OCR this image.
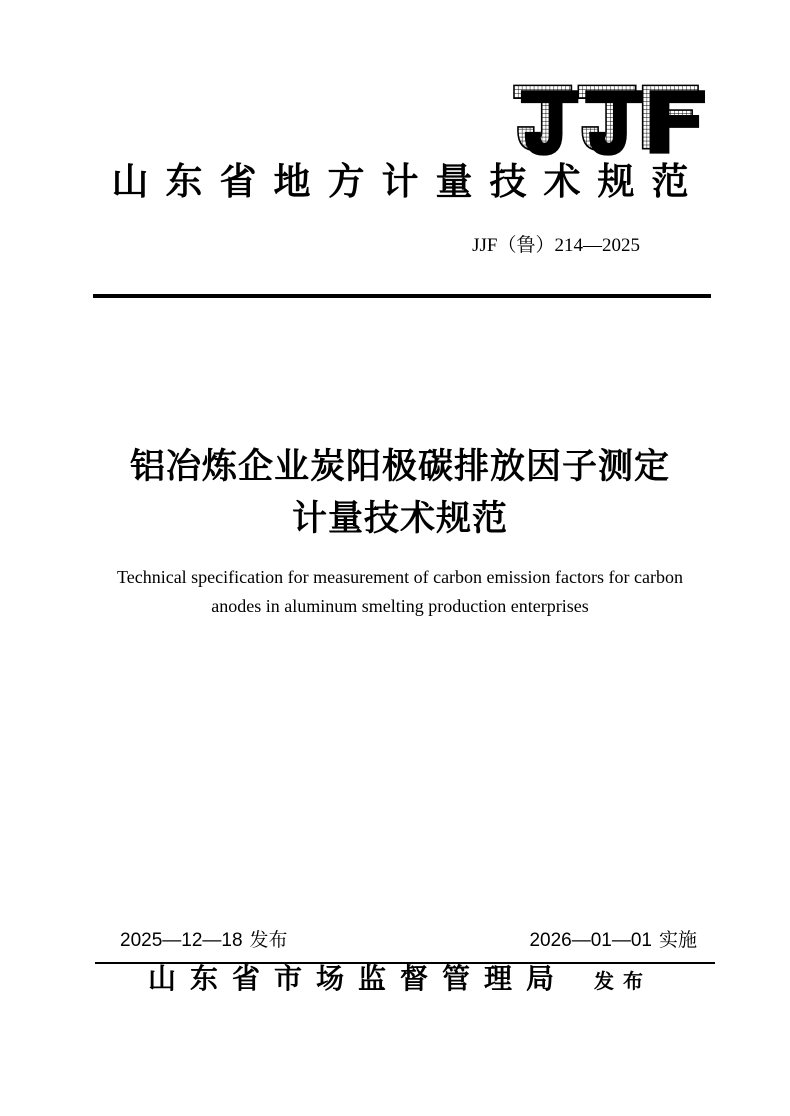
山东省地方计量技术规范
JJF（鲁）214—2025
铝冶炼企业炭阳极碳排放因子测定
计量技术规范
Technical specification for measurement of carbon emission factors for carbon
anodes in aluminum smelting production enterprises
2025—12—18 发布	2026—01—01 实施
山东省市场监督管理局 发布
